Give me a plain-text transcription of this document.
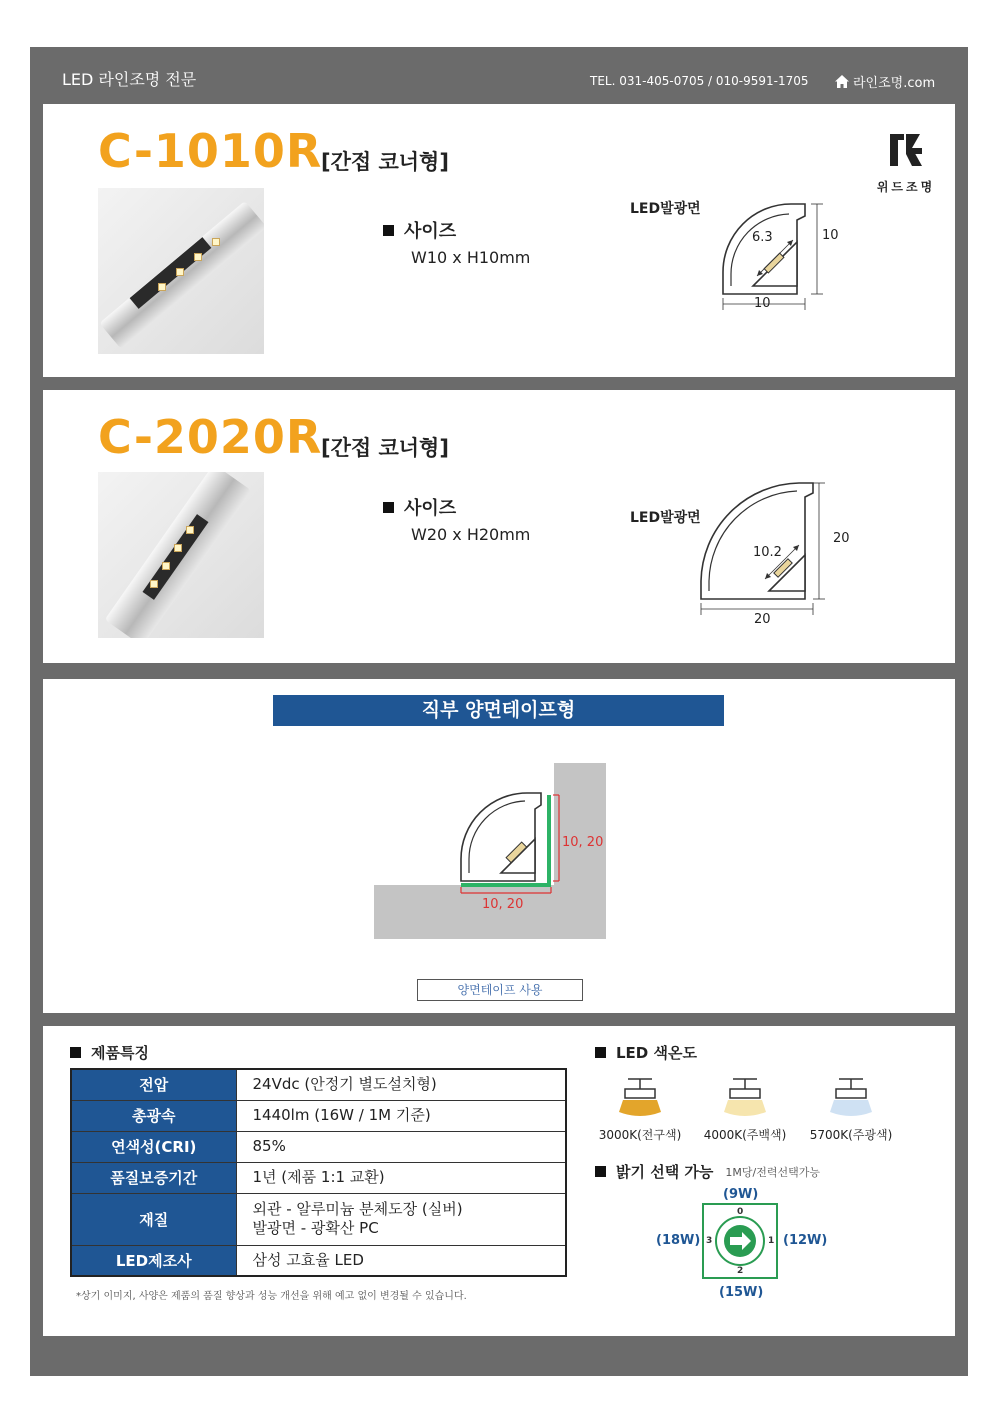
LED 라인조명 전문	TEL. 031-405-0705 / 010-9591-1705	라인조명.com
C-1010R
[간접 코너형]
사이즈
W10 x H10mm
LED발광면
6.3	10
10
위드조명
C-2020R
[간접 코너형]
사이즈
W20 x H20mm
LED발광면
10.2
20
20
직부 양면테이프형
10, 20
10, 20
양면테이프 사용
제품특징
전압	24Vdc (안정기 별도설치형)

총광속	1440lm (16W / 1M 기준)

연색성(CRI)	85%

품질보증기간	1년 (제품 1:1 교환)

재질	외관 - 알루미늄 분체도장 (실버)
발광면 - 광확산 PC

LED제조사	삼성 고효율 LED
*상기 이미지, 사양은 제품의 품질 향상과 성능 개선을 위해 예고 없이 변경될 수 있습니다.
LED 색온도
3000K(전구색)	4000K(주백색)	5700K(주광색)
밝기 선택 가능 1M당/전력선택가능
(9W)
(12W)
(15W)
(18W)
0
1
2
3
